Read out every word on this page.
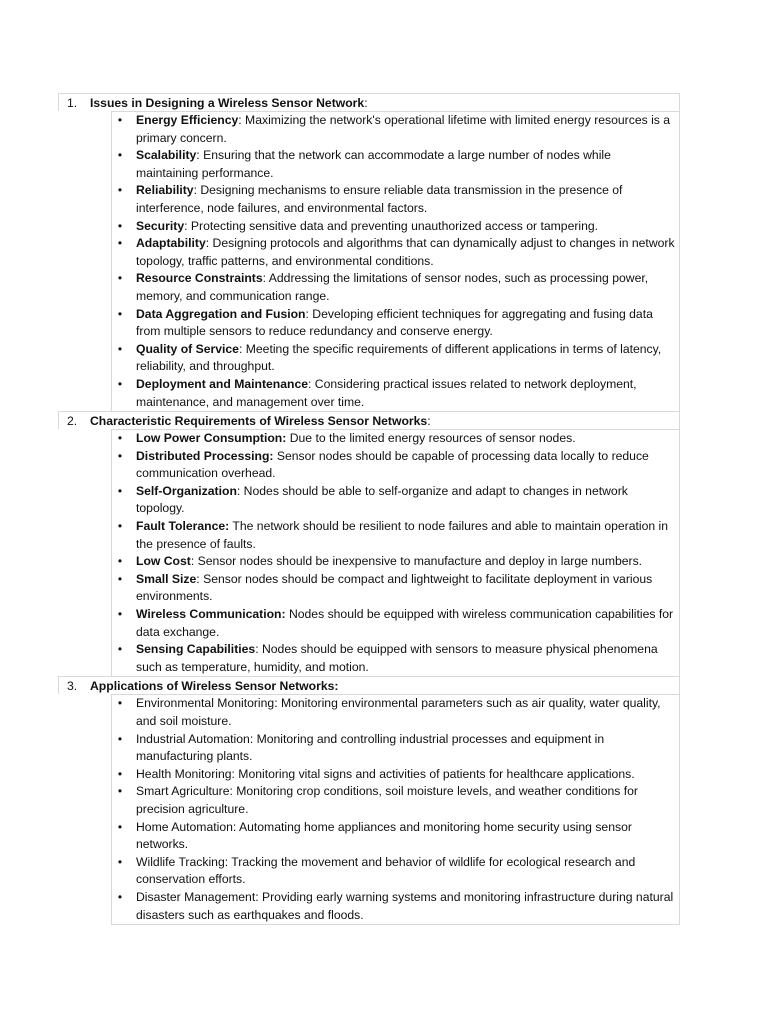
1.	Issues in Designing a Wireless Sensor Network:
• Energy Efficiency: Maximizing the network's operational lifetime with limited energy resources is a primary concern.
• Scalability: Ensuring that the network can accommodate a large number of nodes while maintaining performance.
• Reliability: Designing mechanisms to ensure reliable data transmission in the presence of interference, node failures, and environmental factors.
• Security: Protecting sensitive data and preventing unauthorized access or tampering.
• Adaptability: Designing protocols and algorithms that can dynamically adjust to changes in network topology, traffic patterns, and environmental conditions.
• Resource Constraints: Addressing the limitations of sensor nodes, such as processing power, memory, and communication range.
• Data Aggregation and Fusion: Developing efficient techniques for aggregating and fusing data from multiple sensors to reduce redundancy and conserve energy.
• Quality of Service: Meeting the specific requirements of different applications in terms of latency, reliability, and throughput.
• Deployment and Maintenance: Considering practical issues related to network deployment, maintenance, and management over time.
2.	Characteristic Requirements of Wireless Sensor Networks:
• Low Power Consumption: Due to the limited energy resources of sensor nodes.
• Distributed Processing: Sensor nodes should be capable of processing data locally to reduce communication overhead.
• Self-Organization: Nodes should be able to self-organize and adapt to changes in network topology.
• Fault Tolerance: The network should be resilient to node failures and able to maintain operation in the presence of faults.
• Low Cost: Sensor nodes should be inexpensive to manufacture and deploy in large numbers.
• Small Size: Sensor nodes should be compact and lightweight to facilitate deployment in various environments.
• Wireless Communication: Nodes should be equipped with wireless communication capabilities for data exchange.
• Sensing Capabilities: Nodes should be equipped with sensors to measure physical phenomena such as temperature, humidity, and motion.
3.	Applications of Wireless Sensor Networks:
• Environmental Monitoring: Monitoring environmental parameters such as air quality, water quality, and soil moisture.
• Industrial Automation: Monitoring and controlling industrial processes and equipment in manufacturing plants.
• Health Monitoring: Monitoring vital signs and activities of patients for healthcare applications.
• Smart Agriculture: Monitoring crop conditions, soil moisture levels, and weather conditions for precision agriculture.
• Home Automation: Automating home appliances and monitoring home security using sensor networks.
• Wildlife Tracking: Tracking the movement and behavior of wildlife for ecological research and conservation efforts.
• Disaster Management: Providing early warning systems and monitoring infrastructure during natural disasters such as earthquakes and floods.
